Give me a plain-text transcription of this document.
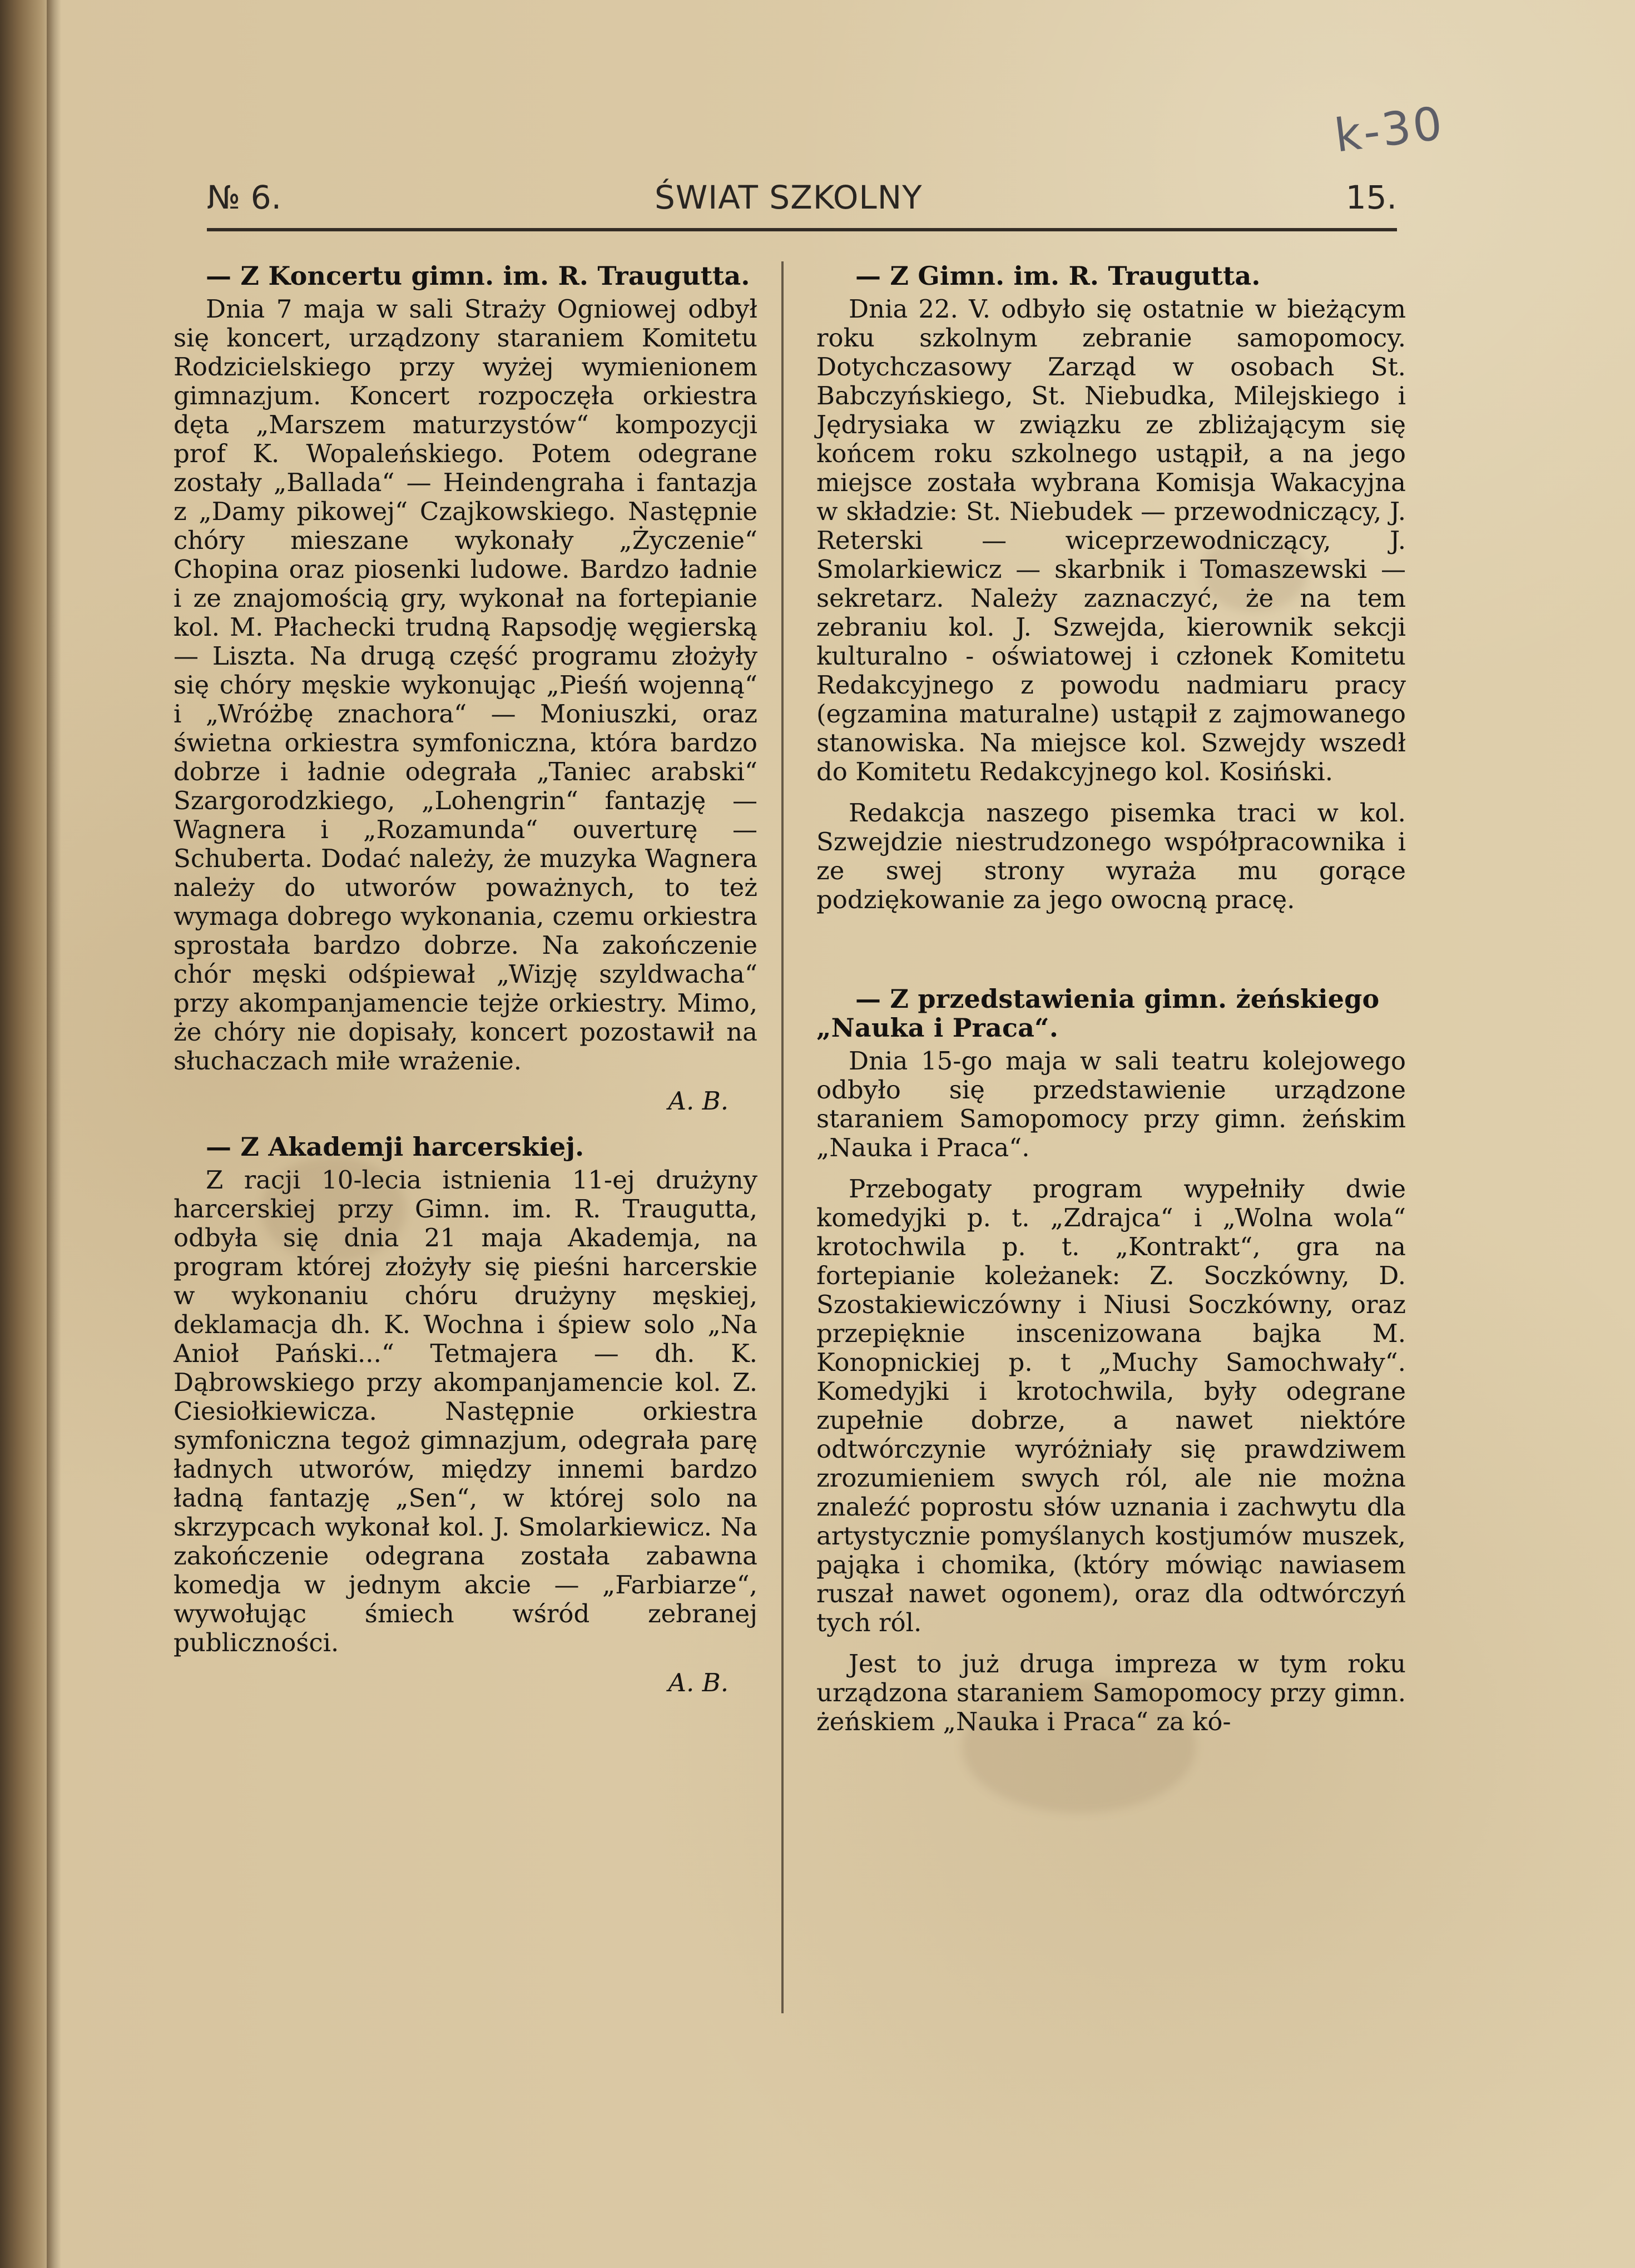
k-30
№ 6.	ŚWIAT SZKOLNY	15.
— Z Koncertu gimn. im. R. Traugutta.

Dnia 7 maja w sali Straży Ogniowej odbył się koncert, urządzony staraniem Komitetu Rodzicielskiego przy wyżej wymienionem gimnazjum. Koncert rozpoczęła orkiestra dęta „Marszem maturzystów“ kompozycji prof K. Wopaleńskiego. Potem odegrane zostały „Ballada“ — Heindengraha i fantazja z „Damy pikowej“ Czajkowskiego. Następnie chóry mieszane wykonały „Życzenie“ Chopina oraz piosenki ludowe. Bardzo ładnie i ze znajomością gry, wykonał na fortepianie kol. M. Płachecki trudną Rapsodję węgierską — Liszta. Na drugą część programu złożyły się chóry męskie wykonując „Pieśń wojenną“ i „Wróżbę znachora“ — Moniuszki, oraz świetna orkiestra symfoniczna, która bardzo dobrze i ładnie odegrała „Taniec arabski“ Szargorodzkiego, „Lohengrin“ fantazję — Wagnera i „Rozamunda“ ouverturę — Schuberta. Dodać należy, że muzyka Wagnera należy do utworów poważnych, to też wymaga dobrego wykonania, czemu orkiestra sprostała bardzo dobrze. Na zakończenie chór męski odśpiewał „Wizję szyldwacha“ przy akompanjamencie tejże orkiestry. Mimo, że chóry nie dopisały, koncert pozostawił na słuchaczach miłe wrażenie.

A. B.
— Z Akademji harcerskiej.

Z racji 10-lecia istnienia 11-ej drużyny harcerskiej przy Gimn. im. R. Traugutta, odbyła się dnia 21 maja Akademja, na program której złożyły się pieśni harcerskie w wykonaniu chóru drużyny męskiej, deklamacja dh. K. Wochna i śpiew solo „Na Anioł Pański...“ Tetmajera — dh. K. Dąbrowskiego przy akompanjamencie kol. Z. Ciesiołkiewicza. Następnie orkiestra symfoniczna tegoż gimnazjum, odegrała parę ładnych utworów, między innemi bardzo ładną fantazję „Sen“, w której solo na skrzypcach wykonał kol. J. Smolarkiewicz. Na zakończenie odegrana została zabawna komedja w jednym akcie — „Farbiarze“, wywołując śmiech wśród zebranej publiczności.

A. B.
— Z Gimn. im. R. Traugutta.

Dnia 22. V. odbyło się ostatnie w bieżącym roku szkolnym zebranie samopomocy. Dotychczasowy Zarząd w osobach St. Babczyńskiego, St. Niebudka, Milejskiego i Jędrysiaka w związku ze zbliżającym się końcem roku szkolnego ustąpił, a na jego miejsce została wybrana Komisja Wakacyjna w składzie: St. Niebudek — przewodniczący, J. Reterski — wiceprzewodniczący, J. Smolarkiewicz — skarbnik i Tomaszewski — sekretarz. Należy zaznaczyć, że na tem zebraniu kol. J. Szwejda, kierownik sekcji kulturalno - oświatowej i członek Komitetu Redakcyjnego z powodu nadmiaru pracy (egzamina maturalne) ustąpił z zajmowanego stanowiska. Na miejsce kol. Szwejdy wszedł do Komitetu Redakcyjnego kol. Kosiński.

Redakcja naszego pisemka traci w kol. Szwejdzie niestrudzonego współpracownika i ze swej strony wyraża mu gorące podziękowanie za jego owocną pracę.

— Z przedstawienia gimn. żeńskiego „Nauka i Praca“.

Dnia 15-go maja w sali teatru kolejowego odbyło się przedstawienie urządzone staraniem Samopomocy przy gimn. żeńskim „Nauka i Praca“.

Przebogaty program wypełniły dwie komedyjki p. t. „Zdrajca“ i „Wolna wola“ krotochwila p. t. „Kontrakt“, gra na fortepianie koleżanek: Z. Soczkówny, D. Szostakiewiczówny i Niusi Soczkówny, oraz przepięknie inscenizowana bajka M. Konopnickiej p. t „Muchy Samochwały“. Komedyjki i krotochwila, były odegrane zupełnie dobrze, a nawet niektóre odtwórczynie wyróżniały się prawdziwem zrozumieniem swych ról, ale nie można znaleźć poprostu słów uznania i zachwytu dla artystycznie pomyślanych kostjumów muszek, pająka i chomika, (który mówiąc nawiasem ruszał nawet ogonem), oraz dla odtwórczyń tych ról.

Jest to już druga impreza w tym roku urządzona staraniem Samopomocy przy gimn. żeńskiem „Nauka i Praca“ za kó-
